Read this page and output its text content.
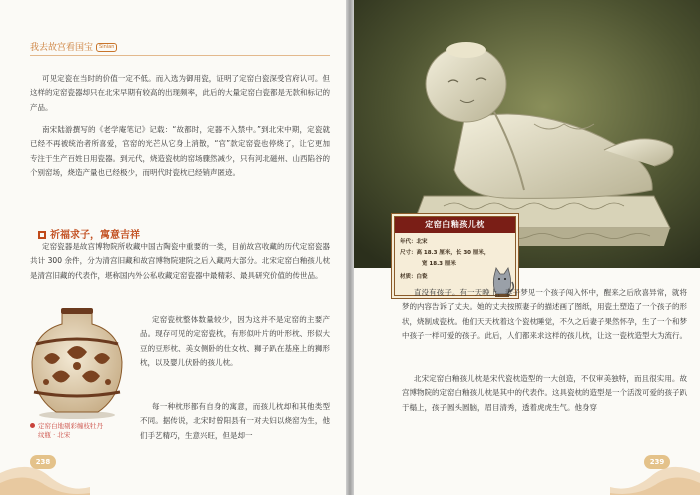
我去故宫看国宝 Sinian

可见定瓷在当时的价值一定不低。而入选为御用瓷，证明了定窑白瓷深受官府认可。但这样的定窑瓷器却只在北宋早期有较高的出现频率，此后的大量定窑白瓷都是无款和标记的产品。

南宋陆游撰写的《老学庵笔记》记载：“故都时，定器不入禁中。”到北宋中期，定瓷就已经不再被统治者所喜爱，官窑的光芒从它身上消散，“官”款定窑瓷也停烧了，让它更加专注于生产百姓日用瓷器。到元代，烧造瓷枕的窑场骤然减少，只有河北磁州、山西陷谷的个别窑场，烧造产量也已经极少，而明代时瓷枕已经销声匿迹。

祈福求子，寓意吉祥

定窑瓷器是故宫博物院所收藏中国古陶瓷中重要的一类，目前故宫收藏的历代定窑瓷器共计 300 余件，分为清宫旧藏和故宫博物院建院之后入藏两大部分。北宋定窑白釉孩儿枕是清宫旧藏的代表作，堪称国内外公私收藏定窑瓷器中最精彩、最具研究价值的传世品。

定窑瓷枕整体数量较少，因为这并不是定窑的主要产品。现存可见的定窑瓷枕，有形似叶片的叶形枕、形似大豆的豆形枕、美女侧卧的仕女枕、狮子趴在基座上的狮形枕，以及婴儿伏卧的孩儿枕。

每一种枕形都有自身的寓意，而孩儿枕却和其他类型不同。据传说，北宋时曾阳县有一对夫妇以烧窑为生，他们手艺精巧，生意兴旺，但是却一

定窑白地剔彩缠枝牡丹
纹瓶 · 北宋
238
定窑白釉孩儿枕
年代：北宋
尺寸：高 18.3 厘米，长 30 厘米，
宽 18.3 厘米
材质：白瓷

直没有孩子。有一天晚上，妻子梦见一个孩子闯入怀中，醒来之后欣喜异常，就将梦的内容告诉了丈夫。她的丈夫按照妻子的描述画了图纸，用瓷土塑造了一个孩子的形状，烧制成瓷枕。他们天天枕着这个瓷枕睡觉，不久之后妻子果然怀孕，生了一个和梦中孩子一样可爱的孩子。此后，人们都来求这样的孩儿枕，让这一瓷枕造型大为流行。

北宋定窑白釉孩儿枕是宋代瓷枕造型的一大创造，不仅审美独特，而且很实用。故宫博物院的定窑白釉孩儿枕是其中的代表作。这具瓷枕的造型是一个活泼可爱的孩子趴于榻上，孩子圆头圆脑，眉目清秀，透着虎虎生气。他身穿

239
